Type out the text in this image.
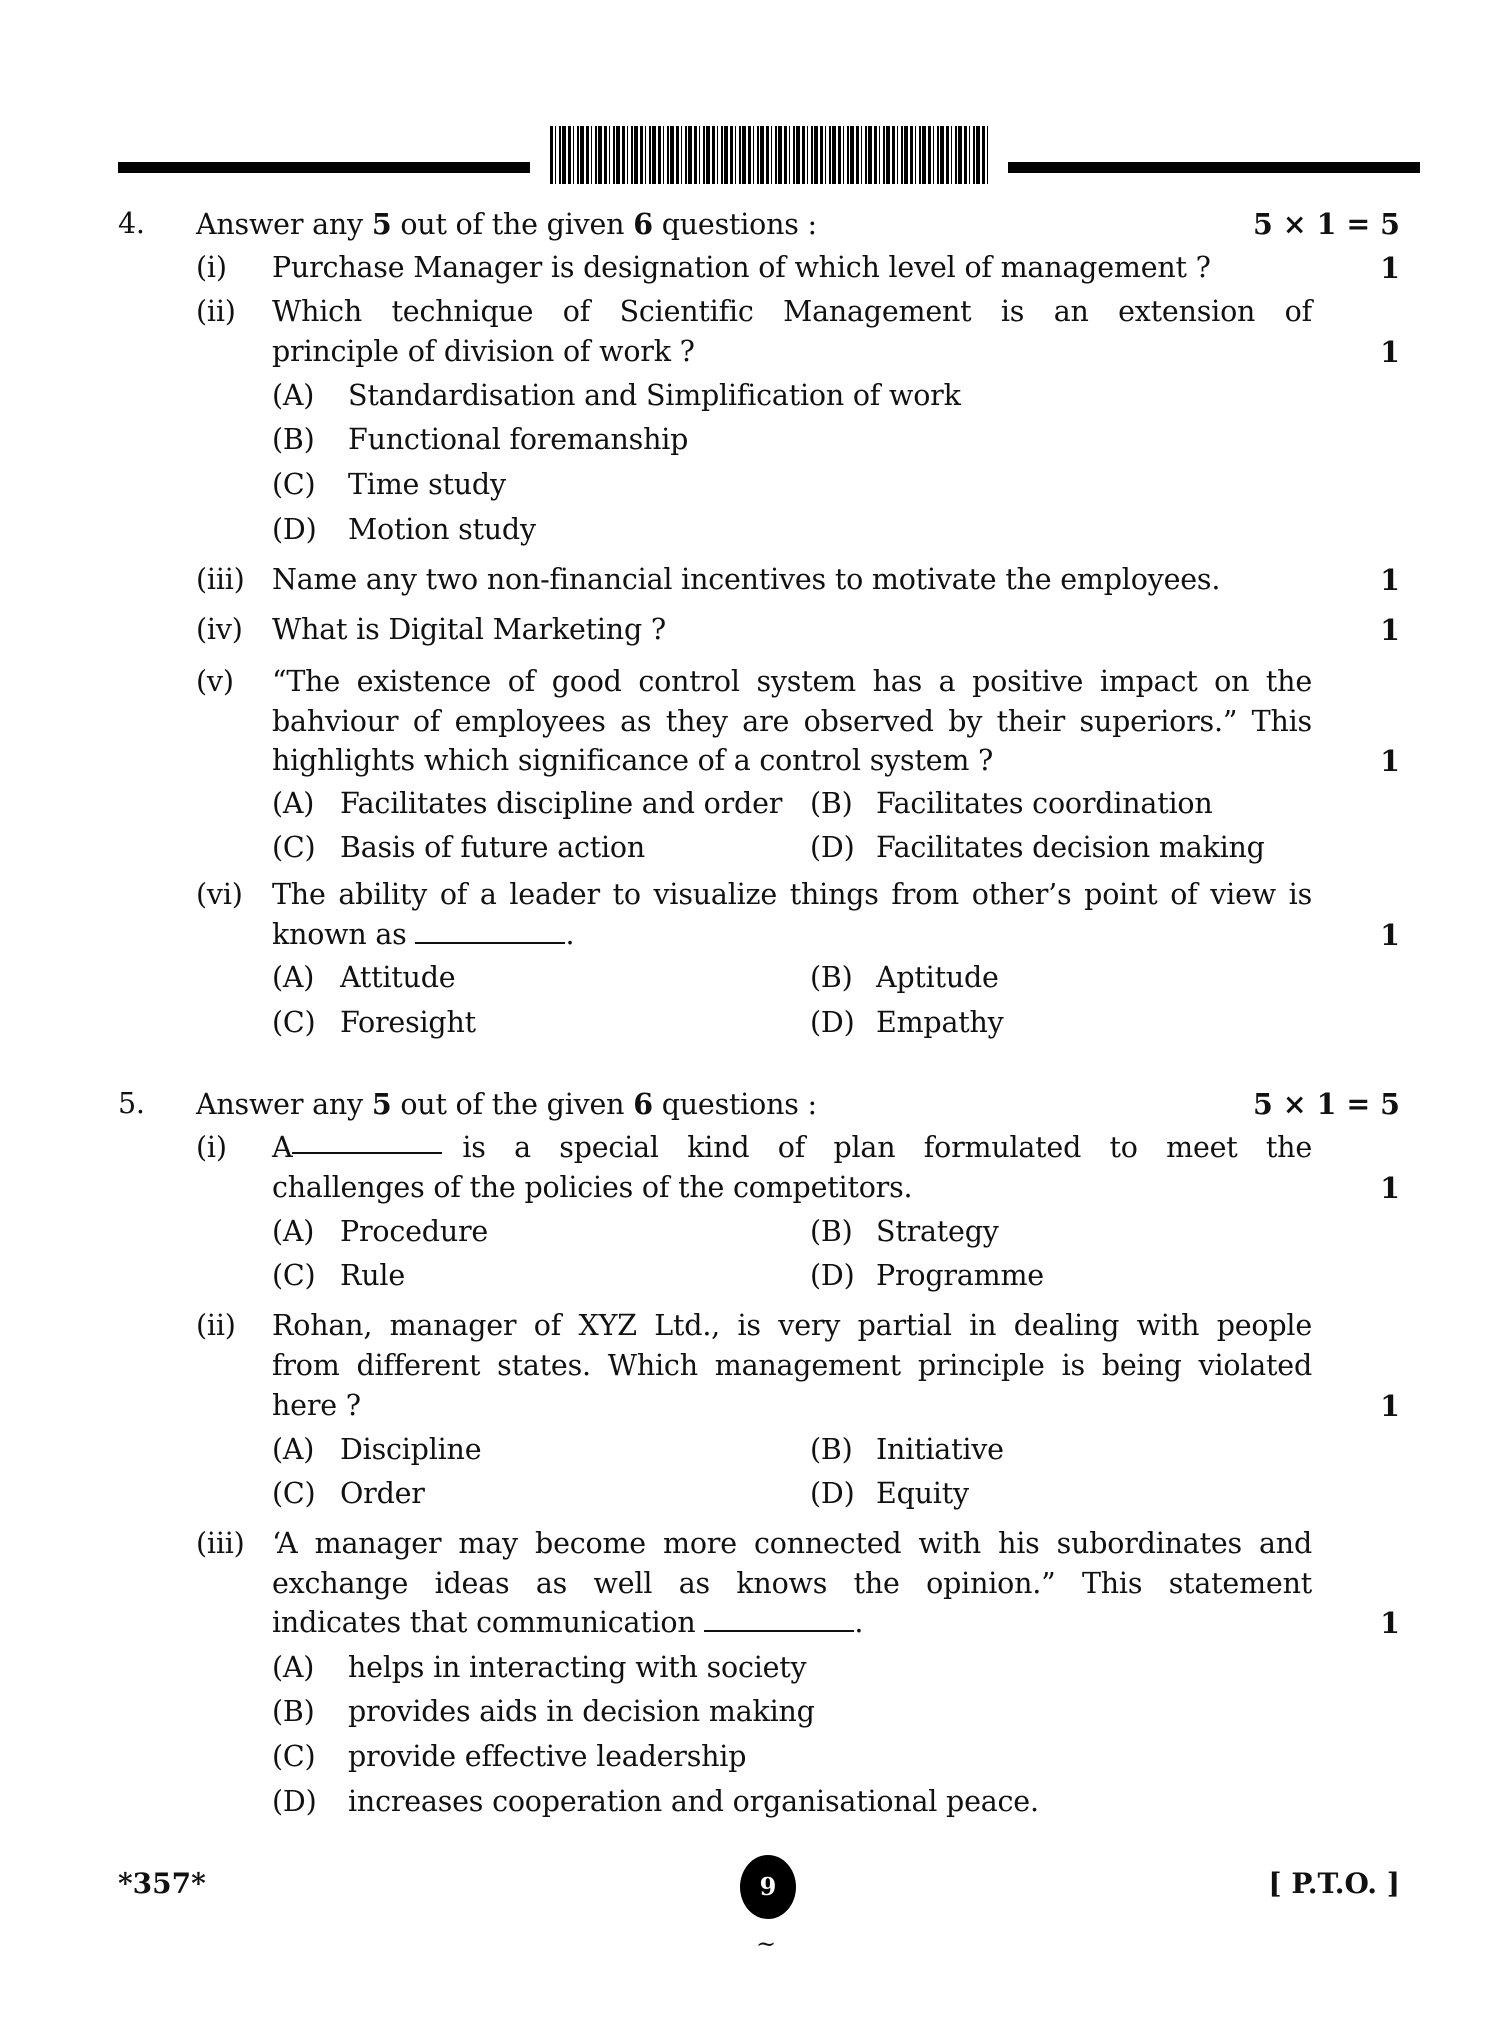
4. Answer any 5 out of the given 6 questions :	5 × 1 = 5
(i) Purchase Manager is designation of which level of management ?	1
(ii) Which technique of Scientific Management is an extension of
principle of division of work ?	1
(A) Standardisation and Simplification of work
(B) Functional foremanship
(C) Time study
(D) Motion study
(iii) Name any two non-financial incentives to motivate the employees.	1
(iv) What is Digital Marketing ?	1
(v) “The existence of good control system has a positive impact on the
bahviour of employees as they are observed by their superiors.” This
highlights which significance of a control system ?	1
(A) Facilitates discipline and order (B) Facilitates coordination
(C) Basis of future action	(D) Facilitates decision making
(vi) The ability of a leader to visualize things from other’s point of view is
known as	.	1
(A) Attitude	(B) Aptitude
(C) Foresight	(D) Empathy
5. Answer any 5 out of the given 6 questions :	5 × 1 = 5
(i) A	is a special kind of plan formulated to meet the
challenges of the policies of the competitors.	1
(A) Procedure	(B) Strategy
(C) Rule	(D) Programme
(ii) Rohan, manager of XYZ Ltd., is very partial in dealing with people
from different states. Which management principle is being violated
here ?	1
(A) Discipline	(B) Initiative
(C) Order	(D) Equity
(iii) ‘A manager may become more connected with his subordinates and
exchange ideas as well as knows the opinion.” This statement
indicates that communication	.	1
(A) helps in interacting with society
(B) provides aids in decision making
(C) provide effective leadership
(D) increases cooperation and organisational peace.
*357*	9
~
[ P.T.O. ]
